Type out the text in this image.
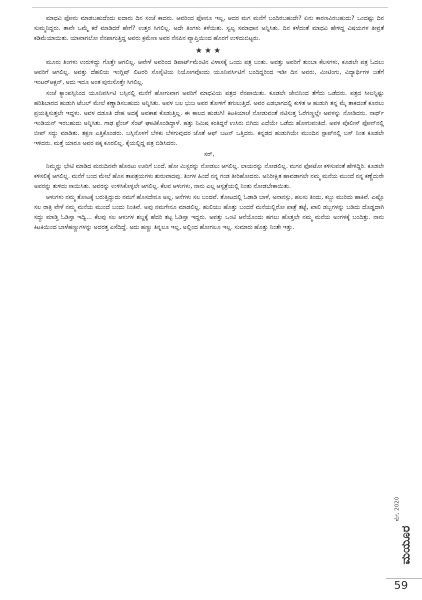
ಮಾಧವಿ ಫೋನು ಮಾಡಬಹುದೆಂದು ಐದಾರು ದಿನ ಸಂಜೆ ಕಾದರು. ಆವರಿಂದ ಫೋನೂ ಇಲ್ಲ, ಆದರ ಮಗ ಮನೆಗೆ ಬಂದಿರಬಹುದೇ? ಏನು ಕಾರಣವಿರಬಹುದು? ಒಂದಷ್ಟು ದಿನ ಸುಮ್ಮನಿದ್ದರು. ತಾವೇ ಒಮ್ಮೆ ಕರೆ ಮಾಡಿದರೆ ಹೇಗೆ? ಉತ್ತರ ಸಿಗಲಿಲ್ಲ. ಅದೇ ತಿಂಗಳು ಕಳೆಯಿತು. ಸ್ವಲ್ಪ ಸಮಾಧಾನ ಅನ್ನಿಸಿತು. ದಿನ ಕಳೆದಂತೆ ಮಾಧವಿ ಹೇಳಿದ್ದ ವಿಷಯಗಳ ತೀವ್ರತೆ ಕಡಿಮೆಯಾಯಿತು. ಯಾವಾಗಲೋ ನೆನಪಾಗುತ್ತಿದ್ದ ಅವರು ಕ್ರಮೇಣ ಅವರ ನೆನಪಿನ ವ್ಯಾಪ್ತಿಯಿಂದ ಹೊರಗೆ ಉಳಿದುಬಿಟ್ಟರು.

★★★

ಮೂರು ತಿಂಗಳು ಉರುಳಿದ್ದು ಗೊತ್ತೇ ಆಗಲಿಲ್ಲ. ಆವೇಳೆ ಅವರಿಂದ ಡಿಪಾರ್ಟ್‌ಮೆಂಟಿನ ವಿಳಾಸಕ್ಕೆ ಒಂದು ಪತ್ರ ಬಂತು. ಅವತ್ತು ಅವರಿಗೆ ತುಂಬಾ ಕೆಲಸಗಳು, ಕೂಡಲೇ ಪತ್ರ ಓದಲು ಆವರಿಗೆ ಆಗಲಿಲ್ಲ. ಅವತ್ತು ದೆಹಲಿಯ ಇಂಗ್ಲಿಷ್ ಲಿಟರರಿ ಸೊಸೈಟಿಯ ನಿಯೋಗವೊಂದು ಯೂನಿವರ್ಸಿಟಿಗೆ ಬಂದಿದ್ದರಿಂದ ಇಡೀ ದಿನ ಅವರು, ಮೀಟಿಂಗು, ವಿದ್ಯಾರ್ಥಿಗಳ ಜತೆಗೆ ಇಂಟರ್‌ಆಕ್ಷನ್, ಅದು ಇದೂ ಅಂತ ಪುರುಸೊತ್ತೇ ಸಿಗಲಿಲ್ಲ.

ಸಂಜೆ ಕ್ಯಾಂಪಸ್ಸಿನಿಂದ ಯೂನಿವರ್ಸಿಟಿ ಬಸ್ಸಿನಲ್ಲಿ ಮನೆಗೆ ಹೋಗುವಾಗ ಅವರಿಗೆ ಮಾಧವಿಯ ಪತ್ರದ ನೆನಪಾಯಿತು. ಕೂಡಲೇ ಜೇಬಿನಿಂದ ತೆಗೆದು ಒಡೆದರು. ಪತ್ರದ ಸೀಲನ್ನಿಷ್ಟು ಹರಿಶಿಬಾರದ ಹುಡುಗಿ ಟೆಬಲ್ ಮೇಲೆ ಕಣ್ಣಾಡಿಸಬಹುದು ಅನ್ನಿಸಿತು. ಅವಳ ಬಲ ಭುಜ ಅವರ ತೋಳಿಗೆ ತಗುಲುತ್ತಿದೆ. ಅವರ ಎಡಭಾಗದಲ್ಲಿ ಕುಳಿತ ಆ ಹುಡುಗಿ ತನ್ನ ಮೈ ತಾಕದಂತೆ ಕೂರಲು ಪ್ರಯತ್ನಿಸುತ್ತಲೇ ಇದ್ದಳು. ಅವಳ ದಡೂತಿ ದೇಹ ಅದಕ್ಕೆ ಅವಕಾಶ ಕೊಡುತ್ತಿಲ್ಲ. ಈ ಕಾಲದ ಹುಡುಗಿ! ಕಿಟಕಿಯಾಚೆ ನೋಡುವಂತೆ ನಟಿಸುತ್ತ ಓರೆಗಣ್ಣಲ್ಲೇ ಅವಳನ್ನು ನೋಡಿದರು. ನಾರ್ಥ್ ಇಂಡಿಯನ್ ಇರಬಹುದು ಅನ್ನಿಸಿತು. ಗಾಢ ಫ್ರೆಂಚ್ ಸೆಂಟ್ ಘಾಟಿಕೊಂಡಿದ್ದಾಳೆ. ಹತ್ತು ನಿಮಿಷ ಕಂತಿದ್ದರೆ ಉಸಿರು ಬಿಗಿದು ಎದೆಯೇ ಒಡೆದು ಹೋಗುವಂತಿದೆ. ಅವಳ ಪೊಲೀಸ್ ಫೋನ್‌ನಲ್ಲಿ ಬೀಪ್ ಸದ್ದು ಮಾಡಿತು. ತಕ್ಷಣ ಎತ್ತಿಕೊಂಡರು. ಬಸ್ಸಿನೊಳಗೆ ಬೆಳಕು ಬೆಳಗುವುದರ ಜೊತೆ ಆಫ್ ಬಟನ್ ಒತ್ತಿದರು. ಕನ್ನಡದ ಹುಡುಗಿಯೇ ಮುಂದಿನ ಸ್ಟಾಪ್‌ನಲ್ಲಿ ಬಸ್ ನಿಂತ ಕೂಡಲೇ ಇಳಿದರು. ಮತ್ತೆ ಯಾರೂ ಅವರ ಪಕ್ಕ ಕೂರಲಿಲ್ಲ. ಕೈಯಲ್ಲಿದ್ದ ಪತ್ರ ಬಿಡಿಸಿದರು.

ಸರ್,

ನಿಮ್ಮನ್ನು ಭೇಟಿ ಮಾಡಿದ ಮರುದಿನವೇ ಹೊರಟು ಊರಿಗೆ ಬಂದೆ. ಹೋ ಮಿಸ್ಟರನ್ನು ನೋಡಲು ಆಗಲಿಲ್ಲ. ಲಾಯರನ್ನು ನೋಡಲಿಲ್ಲ. ಮಗನ ಫೋಟೋ ಕಳಿಸುವಂತೆ ಹೇಳಿದ್ದಿರಿ. ಕೂಡಲೇ ಕಳಿಸಲಿಕ್ಕೆ ಆಗಲಿಲ್ಲ. ಮನೆಗೆ ಬಂದ ಮೇಲೆ ಹೊಸ ತಾಪತ್ರಯಗಳು ಶುರುವಾದವು. ತಿಂಗಳ ಹಿಂದೆ ನನ್ನ ಗಂಡ ತೀರಿಹೋದರು. ಅನಿರೀಕ್ಷಿತ ಹಾವಡಾಗಲೇ ನಮ್ಮ ಮನೆಯ ಮುಂದೆ ನನ್ನ ಕಣ್ಣೆದುರೇ ಅವರನ್ನು ತುಳಿದು ಸಾಯಿಸಿತು. ಅವರನ್ನು ಉಳಿಸಿಕೊಳ್ಳಲೇ ಆಗಲಿಲ್ಲ. ಕೆಲವ ಆಳುಗಳು, ನಾನು ಎಲ್ಲ ಆಸ್ಪತ್ರೆಯಲ್ಲಿ ನಿಂತು ನೋಡಬೇಕಾಯಿತು.

ಆಳುಗಳು ನಮ್ಮ ತೋಟಕ್ಕೆ ಬರುತ್ತಿದ್ದುದು ನಮಗೆ ಹೊಸದೇನೂ ಅಲ್ಲ. ಆನೆಗಳು ಸಲ ಬಂದವೆ. ತೋಟದಲ್ಲಿ ಓಡಾಡಿ ಬಾಳೆ, ಅನಾನಸ್ಸು, ಹಲಸು ತಿಂದು, ಕಬ್ಬು ಮುರಿದು ಹಾಕಿವೆ. ಎಷ್ಟೊ ಸಲ ರಾತ್ರಿ ವೇಳೆ ನಮ್ಮ ಮನೆಯ ಮುಂದೆ ಬಂದು ನಿಂತಿವೆ. ಅವು ನಮಗೇನೂ ಮಾಡಲಿಲ್ಲ. ಹುಲಿಯು ಹೊತ್ತು ಬಂದರೆ ಮನೆಯಲ್ಲಿರೋ ಪಾತ್ರೆ ತಟ್ಟೆ, ಖಾಲಿ ಡಬ್ಬಗಳನ್ನು ಬಡಿದು ದೊಡ್ಡದಾಗಿ ಸದ್ದು ಮಾಡ್ತಿ ಓಡಿಸ್ತಾ ಇದ್ವಿ... ಕೆಲವು ಸಲ ಆಳುಗಳ ಶಬ್ದಕ್ಕೆ ಹೆದರಿ ತಟ್ಟ ಓಡಿಸ್ತಾ ಇದ್ದರು. ಅವತ್ತು ಒಂಟಿ ಆನೆಯೊಂದು ಹಗಲು ಹೊತ್ತಲೇ ನಮ್ಮ ಮನೆಯ ಅಂಗಳಕ್ಕೆ ಬಂದಿತ್ತು. ನಾನು ಕಿಟಕಿಯಿಂದ ಬಾಳೆಹಣ್ಣುಗಳನ್ನು ಅದರತ್ತ ಎಸೆದಿದ್ದೆ. ಅದು ಹಣ್ಣು ತಿನ್ನಲೂ ಇಲ್ಲ, ಅಲ್ಲಿಂದ ಹೋಗಲೂ ಇಲ್ಲ. ಸುಮಾರು ಹೊತ್ತು ನಿಂತೇ ಇತ್ತು.

ಮೇ, 2020
ಮಯೂರ
59
